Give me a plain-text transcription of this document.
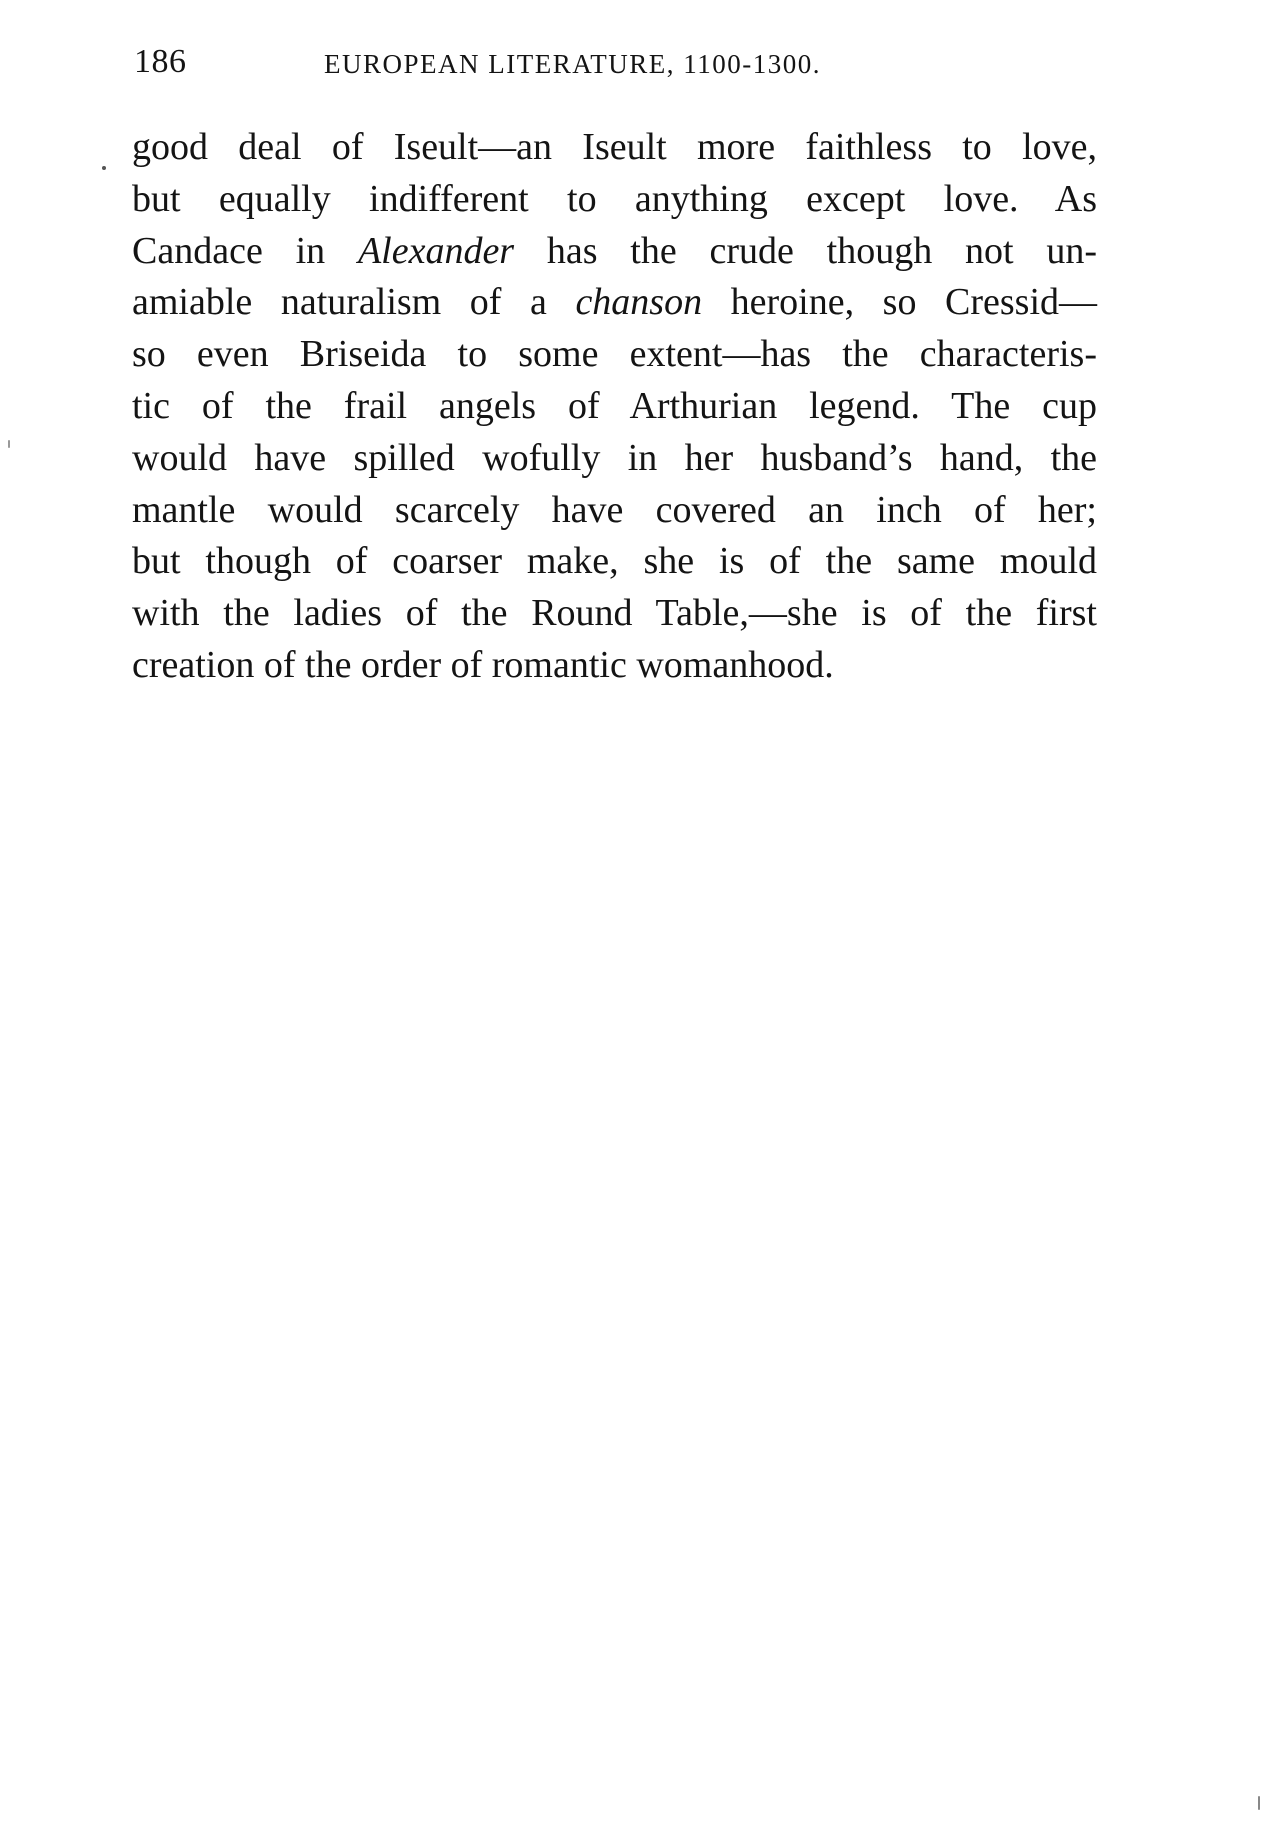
186	EUROPEAN LITERATURE, 1100-1300.
good deal of Iseult—an Iseult more faithless to love,
but equally indifferent to anything except love. As
Candace in Alexander has the crude though not un-
amiable naturalism of a chanson heroine, so Cressid—
so even Briseida to some extent—has the characteris-
tic of the frail angels of Arthurian legend. The cup
would have spilled wofully in her husband’s hand, the
mantle would scarcely have covered an inch of her;
but though of coarser make, she is of the same mould
with the ladies of the Round Table,—she is of the first
creation of the order of romantic womanhood.
